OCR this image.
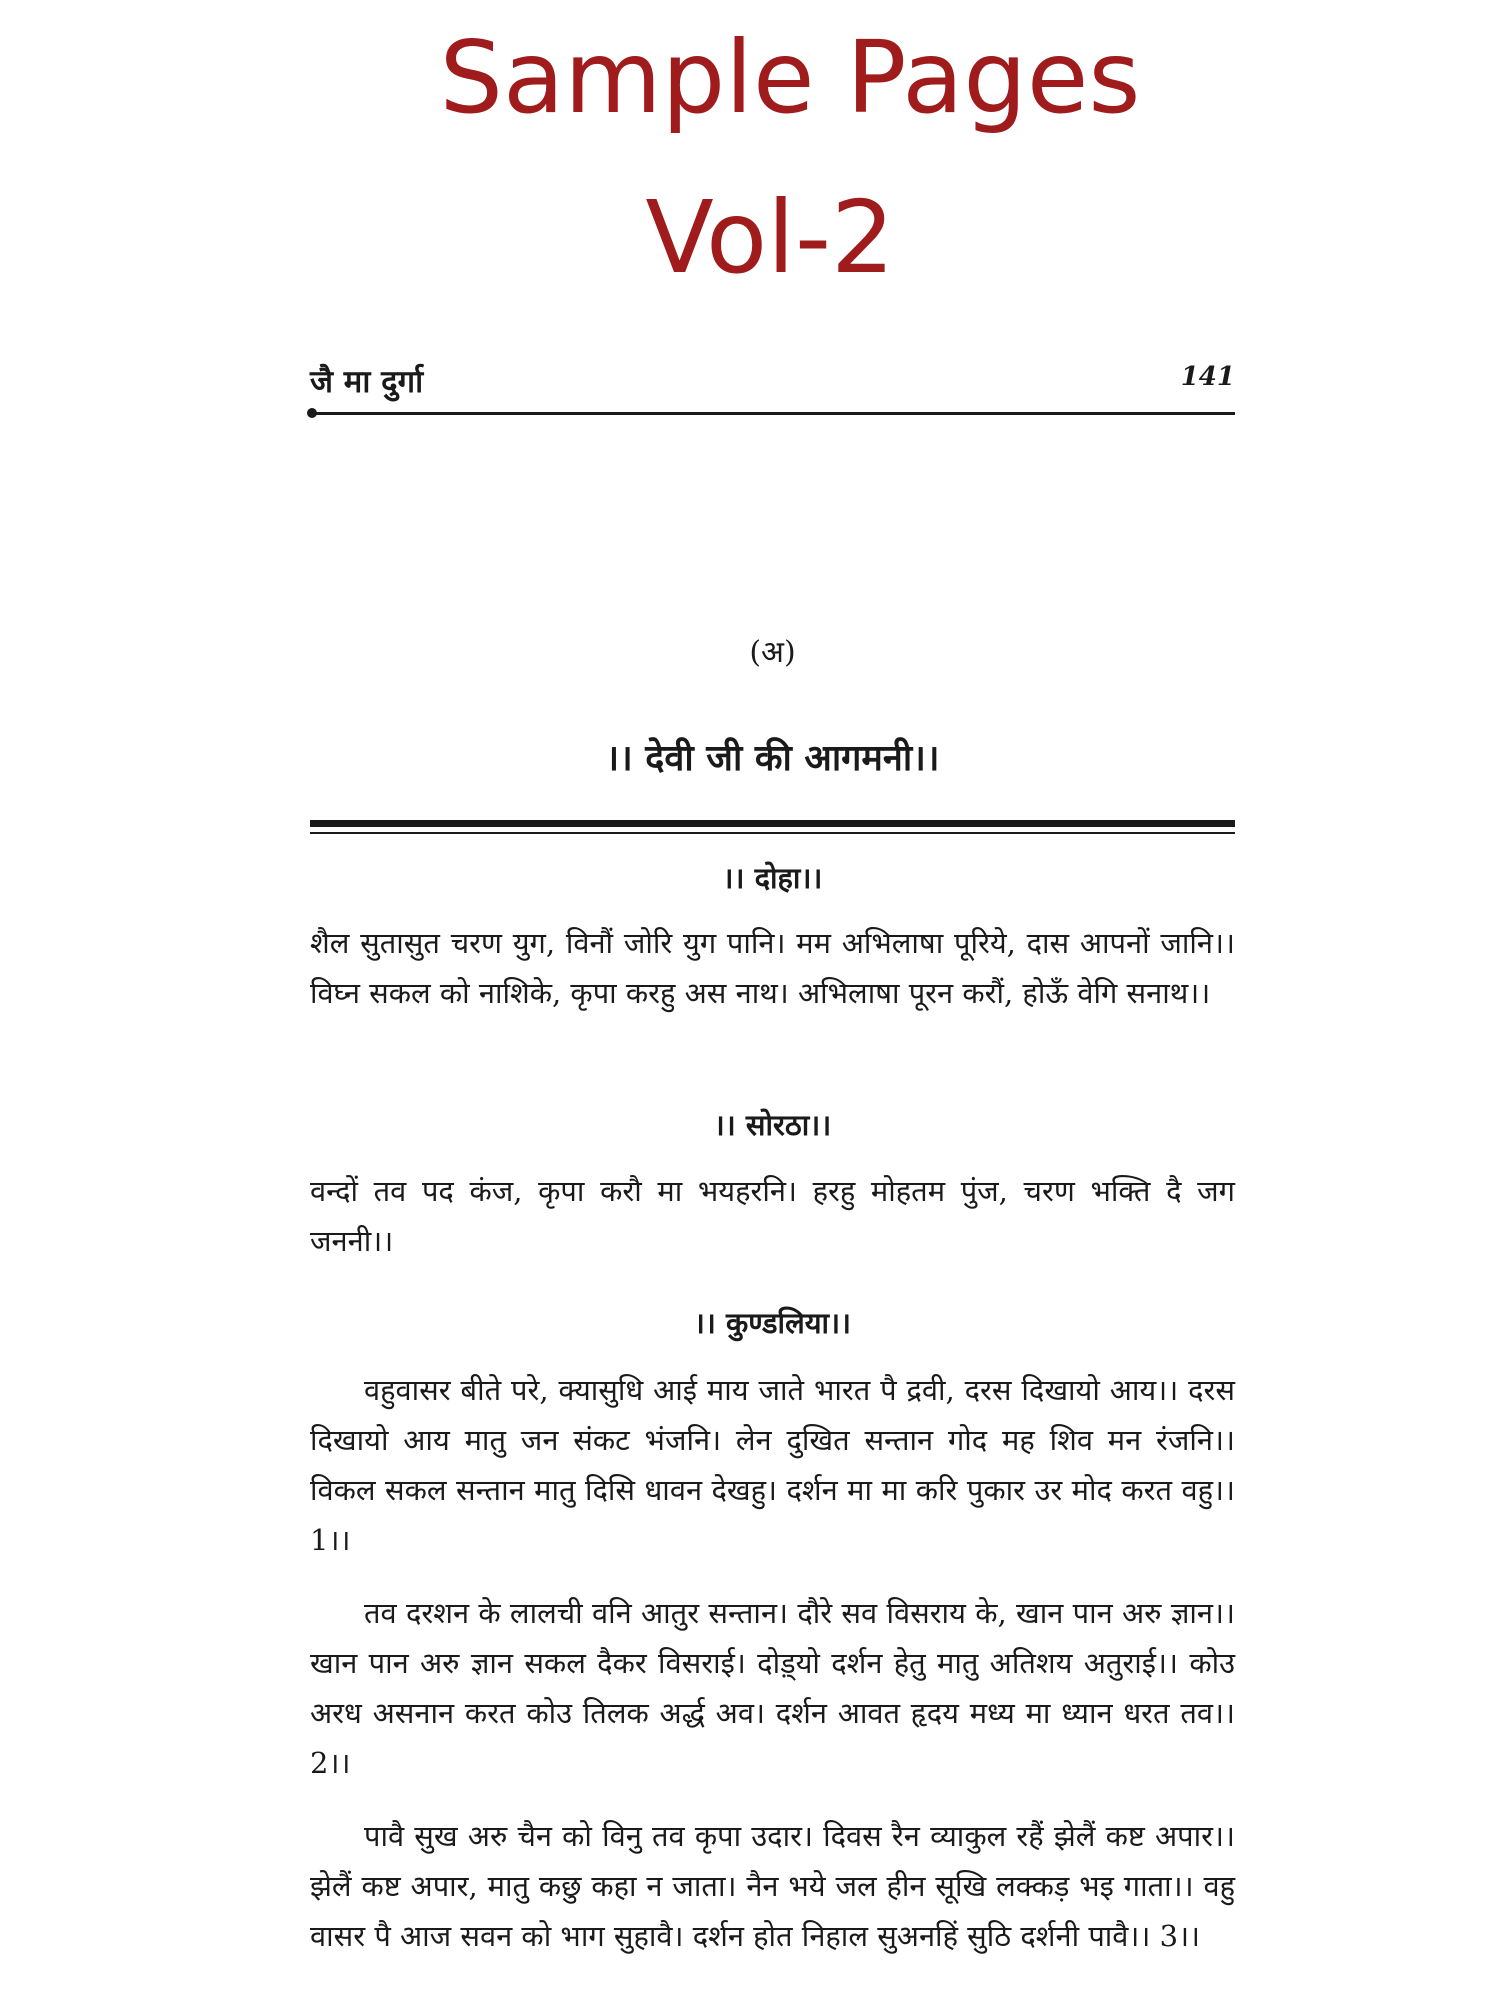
Sample Pages
Vol-2
जै मा दुर्गा	141
(अ)
।। देवी जी की आगमनी।।
।। दोहा।।

शैल सुतासुत चरण युग, विनौं जोरि युग पानि। मम अभिलाषा पूरिये, दास आपनों जानि।। विघ्न सकल को नाशिके, कृपा करहु अस नाथ। अभिलाषा पूरन करौं, होऊँ वेगि सनाथ।।

।। सोरठा।।

वन्दों तव पद कंज, कृपा करौ मा भयहरनि। हरहु मोहतम पुंज, चरण भक्ति दै जग जननी।।

।। कुण्डलिया।।

वहुवासर बीते परे, क्यासुधि आई माय जाते भारत पै द्रवी, दरस दिखायो आय।। दरस दिखायो आय मातु जन संकट भंजनि। लेन दुखित सन्तान गोद मह शिव मन रंजनि।। विकल सकल सन्तान मातु दिसि धावन देखहु। दर्शन मा मा करि पुकार उर मोद करत वहु।। 1।।

तव दरशन के लालची वनि आतुर सन्तान। दौरे सव विसराय के, खान पान अरु ज्ञान।। खान पान अरु ज्ञान सकल दैकर विसराई। दोड़्यो दर्शन हेतु मातु अतिशय अतुराई।। कोउ अरध असनान करत कोउ तिलक अर्द्ध अव। दर्शन आवत हृदय मध्य मा ध्यान धरत तव।। 2।।

पावै सुख अरु चैन को विनु तव कृपा उदार। दिवस रैन व्याकुल रहैं झेलैं कष्ट अपार।। झेलैं कष्ट अपार, मातु कछु कहा न जाता। नैन भये जल हीन सूखि लक्कड़ भइ गाता।। वहु वासर पै आज सवन को भाग सुहावै। दर्शन होत निहाल सुअनहिं सुठि दर्शनी पावै।। 3।।
